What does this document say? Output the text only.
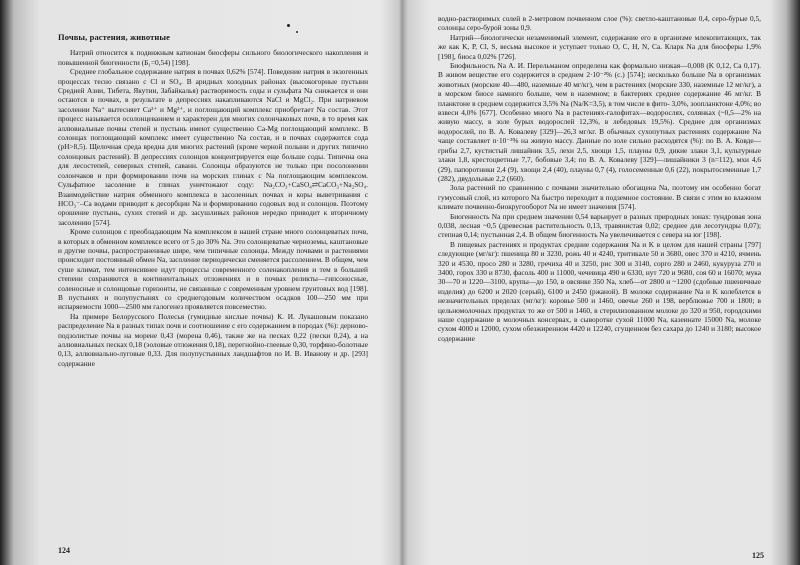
Почвы, растения, животные

Натрий относится к подвижным катионам биосферы сильного биологического накопления и повышенной биогенности (Б₁=0,54) [198].

Среднее глобальное содержание натрия в почвах 0,62% [574]. Поведение натрия в экзогенных процессах тесно связано с Cl и SO₄. В аридных холодных районах (высокогорные пустыни Средней Азии, Тибета, Якутии, Забайкалья) растворимость соды и сульфата Na снижается и они остаются в почвах, в результате в депрессиях накапливаются NaCl и MgCl₂. При натриевом засолении Na⁺ вытесняет Ca²⁺ и Mg²⁺, и поглощающий комплекс приобретает Na состав. Этот процесс называется осолонцеванием и характерен для многих солончаковых почв, в то время как аллювиальные почвы степей и пустынь имеют существенно Ca-Mg поглощающий комплекс. В солонцах поглощающий комплекс имеет существенно Na состав, и в почвах содержится сода (pH>8,5). Щелочная среда вредна для многих растений (кроме черной полыни и других типично солонцовых растений). В депрессиях солонцов концентрируется еще больше соды. Типична она для лесостепей, северных степей, саванн. Солонцы образуются не только при посолонении солончаков и при формировании почв на морских глинах с Na поглощающим комплексом. Сульфатное засоление в глинах уничтожают соду: Na₂CO₃+CaSO₄⇄CaCO₃+Na₂SO₄. Взаимодействие натрия обменного комплекса в засоленных почвах и коры выветривания с HCO₃⁻–Ca водами приводит к десорбции Na и формированию содовых вод и солонцов. Поэтому орошение пустынь, сухих степей и др. засушливых районов нередко приводит к вторичному засолению [574].

Кроме солонцов с преобладающим Na комплексом в нашей стране много солонцеватых почв, в которых в обменном комплексе всего от 5 до 30% Na. Это солонцеватые черноземы, каштановые и другие почвы, распространенные шире, чем типичные солонцы. Между почвами и растениями происходит постоянный обмен Na, засоление периодически сменяется рассолением. В общем, чем суше климат, тем интенсивнее идут процессы современного соленакопления и тем в большей степени сохраняются в континентальных отложениях и в почвах реликты—гипсоносные, соленосные и солонцовые горизонты, не связанные с современным уровнем грунтовых вод [198]. В пустынях и полупустынях со среднегодовым количеством осадков 100—250 мм при испаряемости 1000—2500 мм галогенез проявляется повсеместно.

На примере Белорусского Полесья (гумидные кислые почвы) К. И. Лукашовым показано распределение Na в разных типах почв и соотношение с его содержанием в породах (%): дерново-подзолистые почвы на морене 0,43 (морена 0,46), также же на песках 0,22 (пески 0,24), а на аллювиальных песках 0,18 (эоловые отложения 0,18), перегнойно-глеевые 0,30, торфяно-болотные 0,13, аллювиально-луговые 0,33. Для полупустынных ландшафтов по И. В. Иванову и др. [293] содержание

124

водно-растворимых солей в 2-метровом почвенном слое (%): светло-каштановые 0,4, серо-бурые 0,5, солонцы серо-бурой зоны 0,9.

Натрий—биологически незаменимый элемент, содержание его в организме млекопитающих, так же как K, P, Cl, S, весьма высокое и уступает только O, C, H, N, Ca. Кларк Na для биосферы 1,9% [198], биоса 0,02% [726].

Биофильность Na А. И. Перельманом определена как формально низкая—0,008 (K 0,12, Ca 0,17). В живом веществе его содержится в среднем 2·10⁻²% (с.) [574]; несколько больше Na в организмах животных (морские 40—480, наземные 40 мг/кг), чем в растениях (морские 330, наземные 12 мг/кг), а в морском биосе намного больше, чем в наземном; в бактериях среднее содержание 46 мг/кг. В планктоне в среднем содержится 3,5% Na (Na/K=3,5), в том числе в фито- 3,0%, зоопланктоне 4,0%; во взвеси 4,0% [677]. Особенно много Na в растениях-галофитах—водорослях, солянках (~0,5—2% на живую массу, в золе бурых водорослей 12,3%, в лебедовых 19,5%). Среднее для организмах водорослей, по В. А. Ковалеву [329]—26,3 мг/кг. В обычных сухопутных растениях содержание Na чаще составляет n·10⁻²% на живую массу. Данные по золе сильно расходятся (%): по В. А. Ковде—грибы 2,7, кустистый лишайник 3,5, лехи 2,5, хвощи 1,5, плауны 0,9, дикие злаки 3,1, культурные злаки 1,8, крестоцветные 7,7, бобовые 3,4; по В. А. Ковалеву [329]—лишайники 3 (n=112), мхи 4,6 (29), папоротники 2,4 (9), хвощи 2,4 (40), плауны 0,7 (4), голосеменные 0,6 (22), покрытосеменные 1,7 (282), двудольные 2,2 (660).

Зола растений по сравнению с почвами значительно обогащена Na, поэтому им особенно богат гумусовый слой, из которого Na быстро переходит в подземное состояние. В связи с этим во влажном климате почвенно-биокругооборот Na не имеет значения [574].

Биогенность Na при среднем значении 0,54 варьирует в разных природных зонах: тундровая зона 0,038, лесная ~0,5 (древесная растительность 0,13, травянистая 0,02; среднее для лесотундры 0,07); степная 0,14; пустынная 2,4. В общем биогенность Na увеличивается с севера на юг [198].

В пищевых растениях и продуктах средние содержания Na и K в целом для нашей страны [797] следующие (мг/кг): пшеница 80 и 3230, рожь 40 и 4240, тритикале 50 и 3680, овес 370 и 4210, ячмень 320 и 4530, просо 280 и 3280, гречиха 40 и 3250, рис 300 и 3140, сорго 280 и 2460, кукуруза 270 и 3400, горох 330 и 8730, фасоль 400 и 11000, чечевица 490 и 6330, нут 720 и 9680, соя 60 и 16070; мука 30—70 и 1220—3100, крупы—до 150, в овсянке 350 Na, хлеб—от 2800 и ~1200 (сдобные пшеничные изделия) до 6200 и 2020 (серый), 6100 и 2450 (ржаной). В молоке содержание Na и K колеблется в незначительных пределах (мг/кг): коровье 500 и 1460, овечье 260 и 198, верблюжье 700 и 1800; в цельномолочных продуктах то же от 500 и 1460, в стерилизованном молоке до 320 и 950, городскими наше содержание в молочных консервах, в сыворотке сухой 11000 Na, казеинате 15000 Na, молоке сухом 4000 и 12000, сухом обезжиренном 4420 и 12240, сгущенном без сахара до 1240 и 3180; высокое содержание

125
